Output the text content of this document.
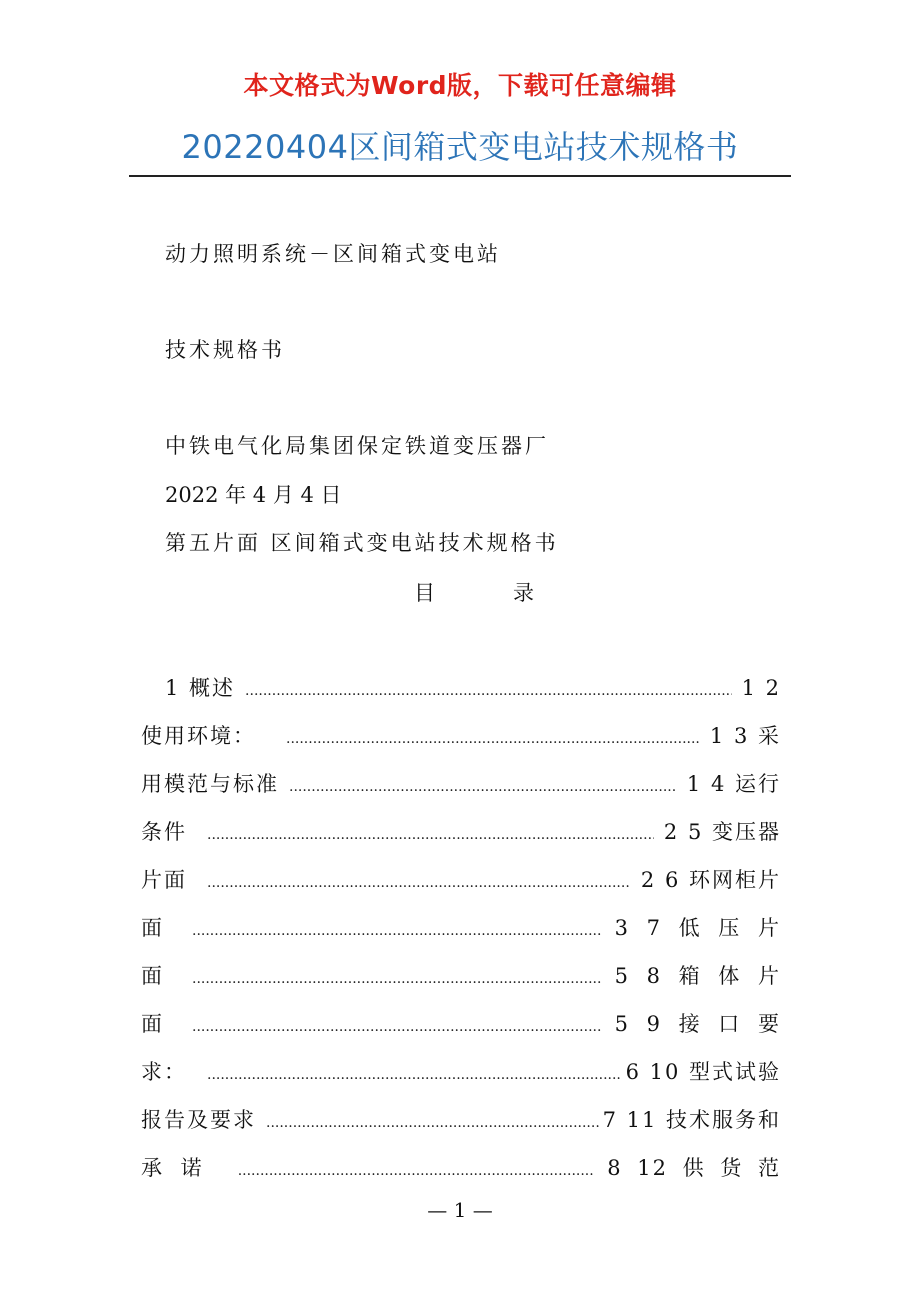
本文格式为Word版，下载可任意编辑
20220404区间箱式变电站技术规格书
动力照明系统－区间箱式变电站
技术规格书
中铁电气化局集团保定铁道变压器厂
2022 年 4 月 4 日
第五片面 区间箱式变电站技术规格书
目	录
1 概述 .....	1 2
使用环境： .....	1 3 采
用模范与标准 .....	1 4 运行
条件 .....	2 5 变压器
片面 .....	2 6 环网柜片
面 .....	3 7 低 压 片
面 .....	5 8 箱 体 片
面 .....	5 9 接 口 要
求： .....	6 10 型式试验
报告及要求 .....	7 11 技术服务和
承 诺 .....	8 12 供 货 范
— 1 —
